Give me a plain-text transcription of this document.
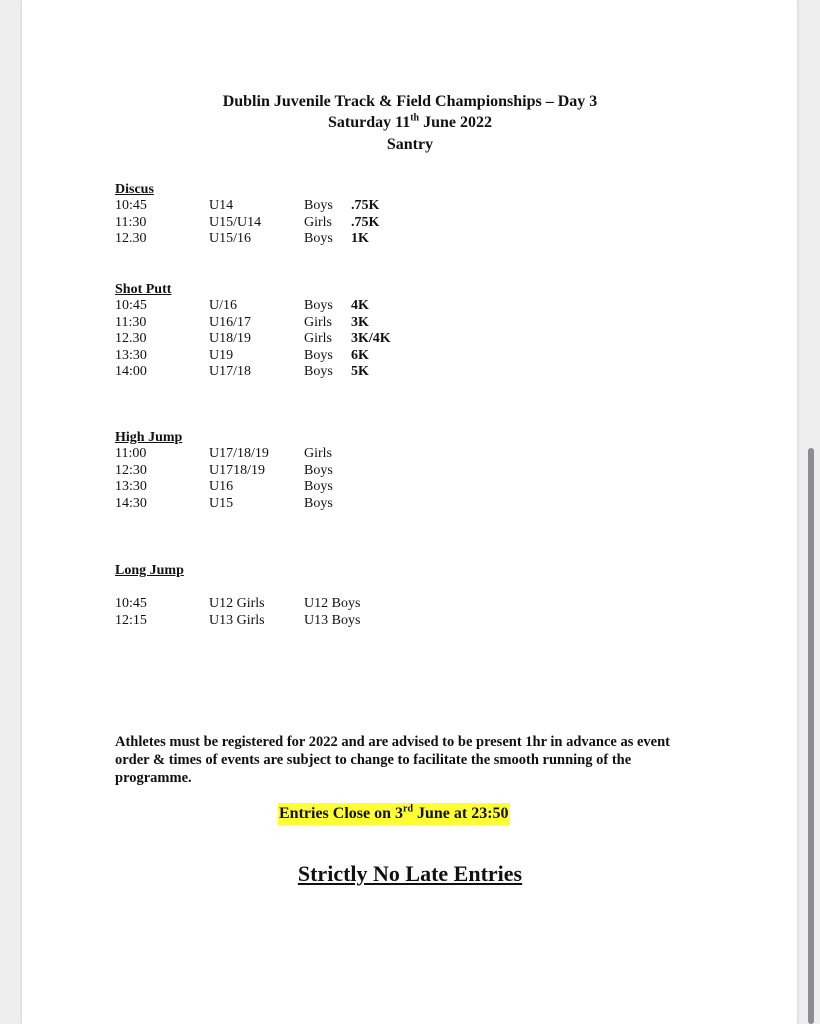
Dublin Juvenile Track & Field Championships – Day 3
Saturday 11th June 2022
Santry
Discus
10:45	U14	Boys	.75K
11:30	U15/U14	Girls	.75K
12.30	U15/16	Boys	1K
Shot Putt
10:45	U/16	Boys	4K
11:30	U16/17	Girls	3K
12.30	U18/19	Girls	3K/4K
13:30	U19	Boys	6K
14:00	U17/18	Boys	5K
High Jump
11:00	U17/18/19	Girls
12:30	U1718/19	Boys
13:30	U16	Boys
14:30	U15	Boys
Long Jump
10:45	U12 Girls	U12 Boys
12:15	U13 Girls	U13 Boys
Athletes must be registered for 2022 and are advised to be present 1hr in advance as event order & times of events are subject to change to facilitate the smooth running of the programme.
Entries Close on 3rd June at 23:50
Strictly No Late Entries
